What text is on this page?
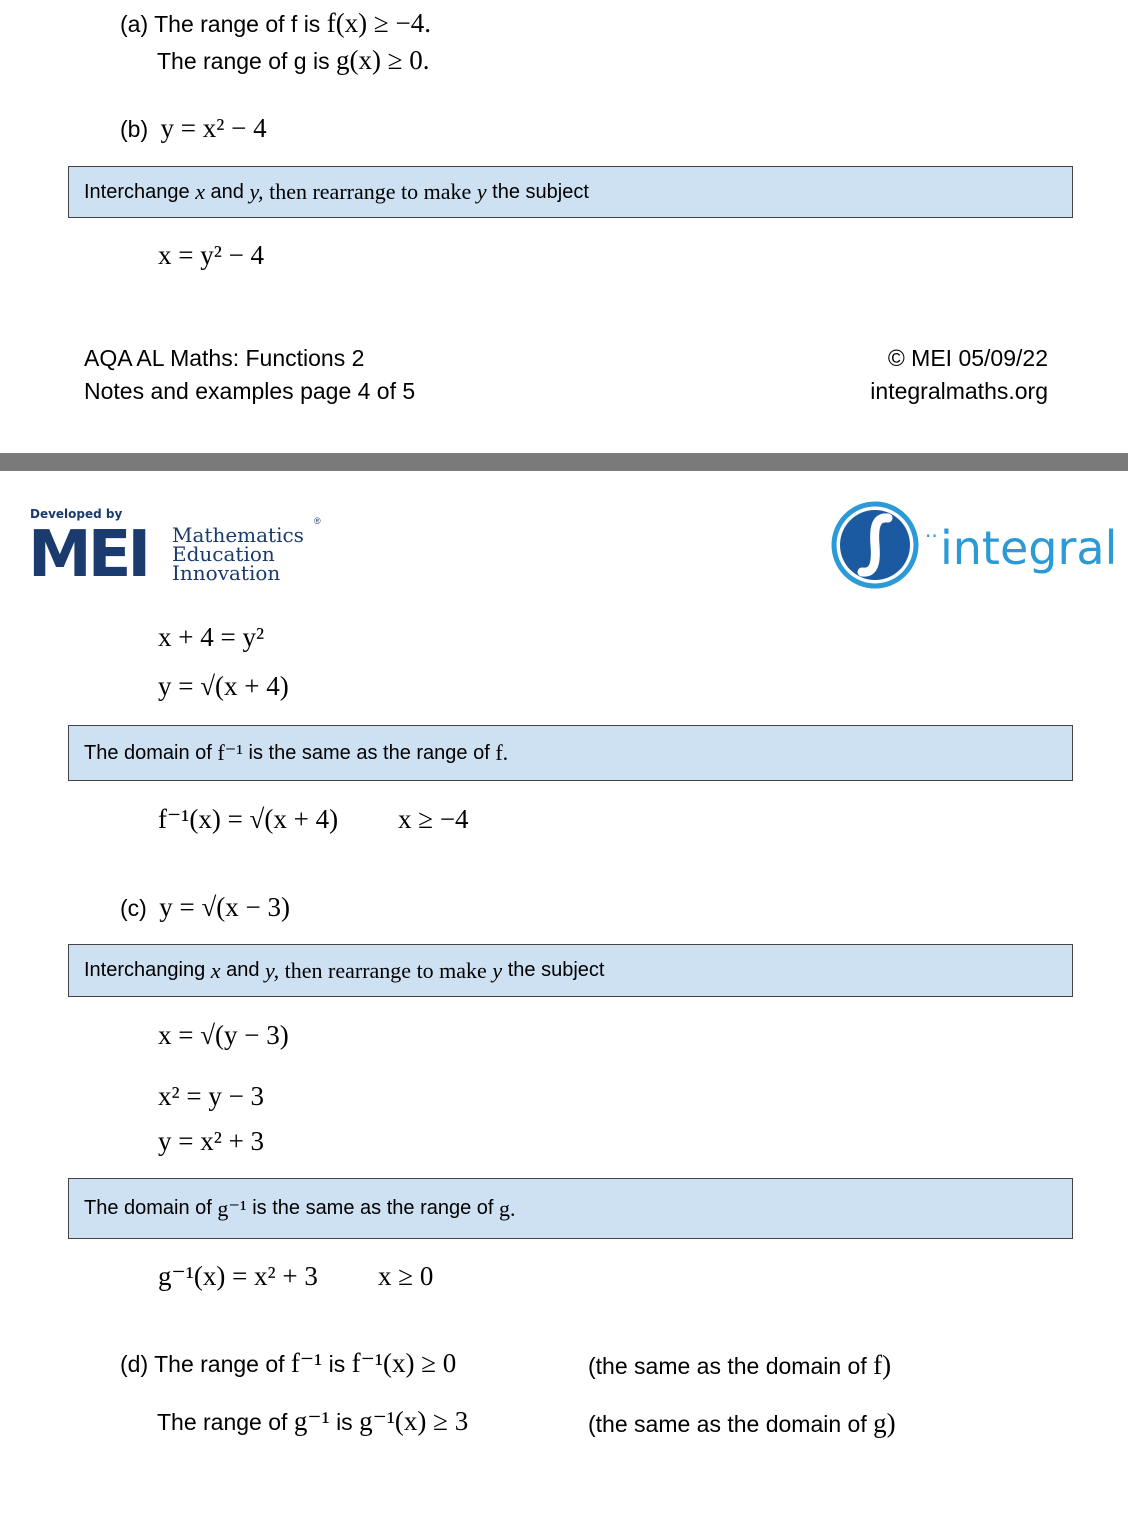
(a) The range of f is f(x) ≥ −4.
The range of g is g(x) ≥ 0.
(b) y = x² − 4
Interchange
x
and
y,
then rearrange to make
y
the subject
x = y² − 4
AQA AL Maths: Functions 2
Notes and examples page 4 of 5
© MEI 05/09/22
integralmaths.org
Developed by
MEI Mathematics
Education
Innovation
®
·· integral
x + 4 = y²
y = √(x + 4)
The domain of
f⁻¹
is the same as the range of
f.
f⁻¹(x) = √(x + 4) x ≥ −4
(c) y = √(x − 3)
Interchanging
x
and
y,
then rearrange to make
y
the subject
x = √(y − 3)
x² = y − 3
y = x² + 3
The domain of
g⁻¹
is the same as the range of
g.
g⁻¹(x) = x² + 3 x ≥ 0
(d) The range of f⁻¹ is f⁻¹(x) ≥ 0	(the same as the domain of f)
The range of g⁻¹ is g⁻¹(x) ≥ 3	(the same as the domain of g)
